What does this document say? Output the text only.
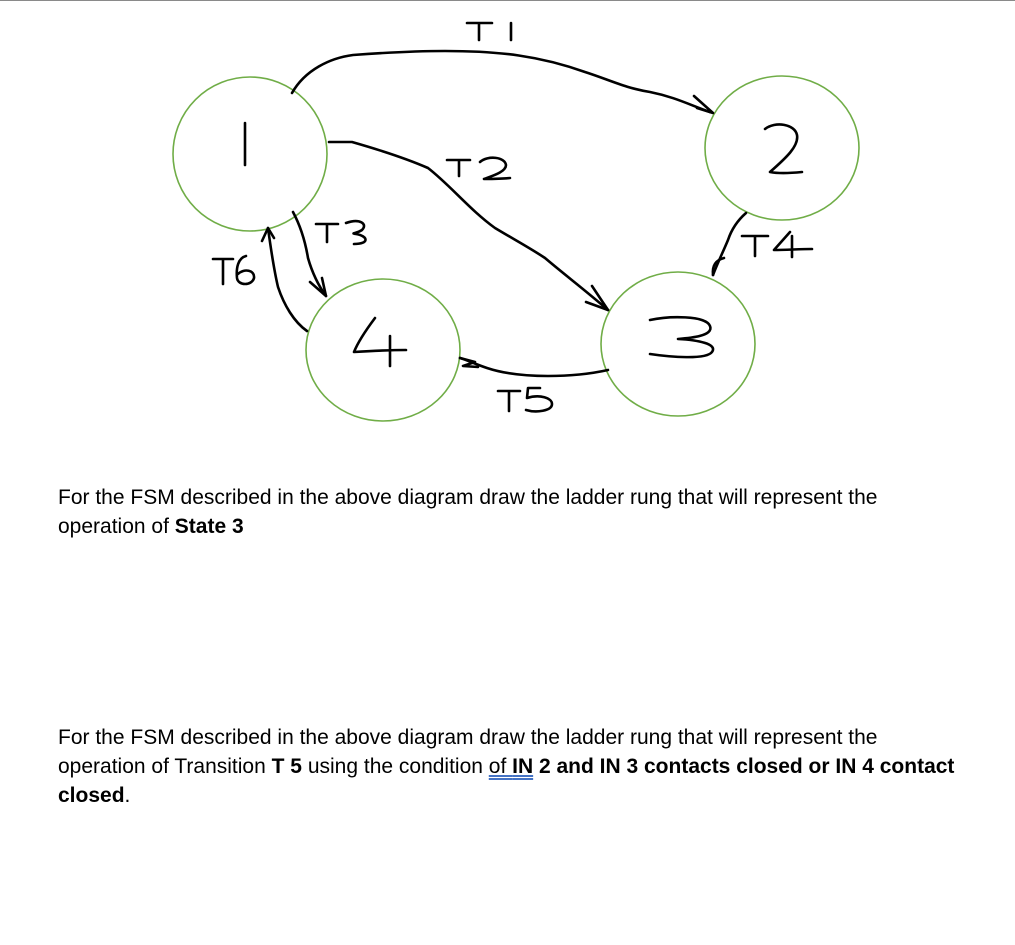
For the FSM described in the above diagram draw the ladder rung that will represent the operation of State 3

For the FSM described in the above diagram draw the ladder rung that will represent the operation of Transition T 5 using the condition of IN 2 and IN 3 contacts closed or IN 4 contact closed.
